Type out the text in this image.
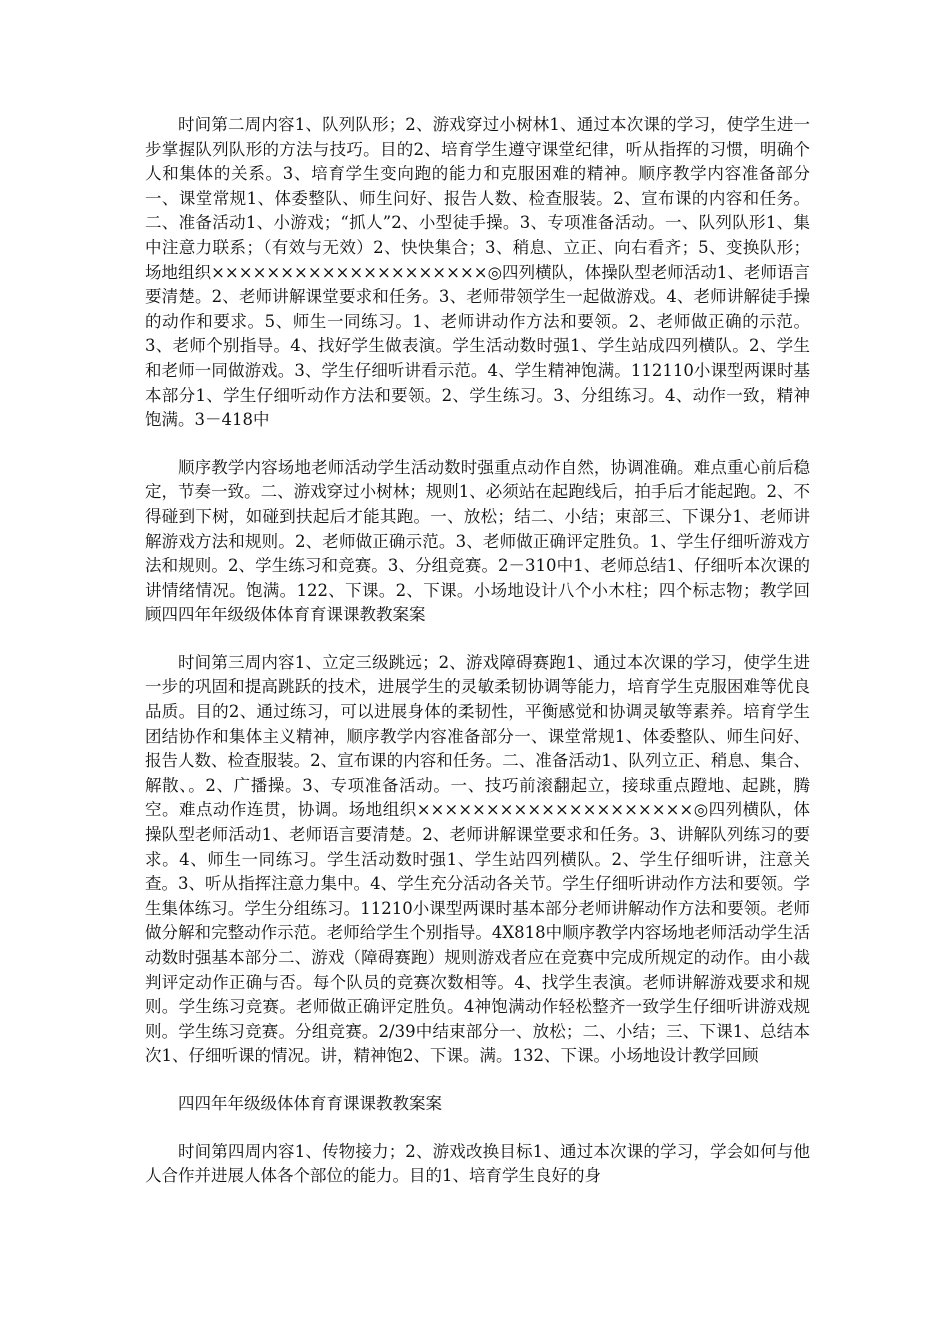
时间第二周内容1、队列队形；2、游戏穿过小树林1、通过本次课的学习，使学生进一步掌握队列队形的方法与技巧。目的2、培育学生遵守课堂纪律，听从指挥的习惯，明确个人和集体的关系。3、培育学生变向跑的能力和克服困难的精神。顺序教学内容准备部分一、课堂常规1、体委整队、师生问好、报告人数、检查服装。2、宣布课的内容和任务。二、准备活动1、小游戏；“抓人”2、小型徒手操。3、专项准备活动。一、队列队形1、集中注意力联系；（有效与无效）2、快快集合；3、稍息、立正、向右看齐；5、变换队形；场地组织××××××××××××××××××××◎四列横队，体操队型老师活动1、老师语言要清楚。2、老师讲解课堂要求和任务。3、老师带领学生一起做游戏。4、老师讲解徒手操的动作和要求。5、师生一同练习。1、老师讲动作方法和要领。2、老师做正确的示范。3、老师个别指导。4、找好学生做表演。学生活动数时强1、学生站成四列横队。2、学生和老师一同做游戏。3、学生仔细听讲看示范。4、学生精神饱满。112110小课型两课时基本部分1、学生仔细听动作方法和要领。2、学生练习。3、分组练习。4、动作一致，精神饱满。3－418中

顺序教学内容场地老师活动学生活动数时强重点动作自然，协调准确。难点重心前后稳定，节奏一致。二、游戏穿过小树林；规则1、必须站在起跑线后，拍手后才能起跑。2、不得碰到下树，如碰到扶起后才能其跑。一、放松；结二、小结；束部三、下课分1、老师讲解游戏方法和规则。2、老师做正确示范。3、老师做正确评定胜负。1、学生仔细听游戏方法和规则。2、学生练习和竞赛。3、分组竞赛。2－310中1、老师总结1、仔细听本次课的讲情绪情况。饱满。122、下课。2、下课。小场地设计八个小木柱；四个标志物；教学回顾四四年年级级体体育育课课教教案案

时间第三周内容1、立定三级跳远；2、游戏障碍赛跑1、通过本次课的学习，使学生进一步的巩固和提高跳跃的技术，进展学生的灵敏柔韧协调等能力，培育学生克服困难等优良品质。目的2、通过练习，可以进展身体的柔韧性，平衡感觉和协调灵敏等素养。培育学生团结协作和集体主义精神，顺序教学内容准备部分一、课堂常规1、体委整队、师生问好、报告人数、检查服装。2、宣布课的内容和任务。二、准备活动1、队列立正、稍息、集合、解散、。2、广播操。3、专项准备活动。一、技巧前滚翻起立，接球重点蹬地、起跳，腾空。难点动作连贯，协调。场地组织××××××××××××××××××××◎四列横队，体操队型老师活动1、老师语言要清楚。2、老师讲解课堂要求和任务。3、讲解队列练习的要求。4、师生一同练习。学生活动数时强1、学生站四列横队。2、学生仔细听讲，注意关查。3、听从指挥注意力集中。4、学生充分活动各关节。学生仔细听讲动作方法和要领。学生集体练习。学生分组练习。11210小课型两课时基本部分老师讲解动作方法和要领。老师做分解和完整动作示范。老师给学生个别指导。4X818中顺序教学内容场地老师活动学生活动数时强基本部分二、游戏（障碍赛跑）规则游戏者应在竞赛中完成所规定的动作。由小裁判评定动作正确与否。每个队员的竞赛次数相等。4、找学生表演。老师讲解游戏要求和规则。学生练习竞赛。老师做正确评定胜负。4神饱满动作轻松整齐一致学生仔细听讲游戏规则。学生练习竞赛。分组竞赛。2/39中结束部分一、放松；二、小结；三、下课1、总结本次1、仔细听课的情况。讲，精神饱2、下课。满。132、下课。小场地设计教学回顾

四四年年级级体体育育课课教教案案

时间第四周内容1、传物接力；2、游戏改换目标1、通过本次课的学习，学会如何与他人合作并进展人体各个部位的能力。目的1、培育学生良好的身
